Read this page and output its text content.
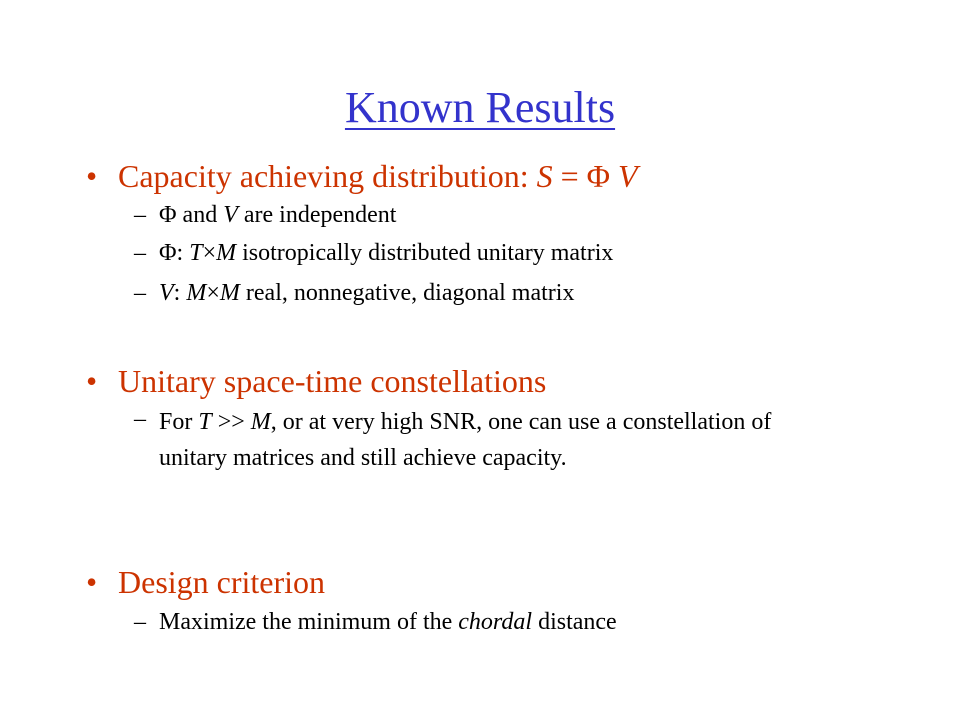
Known Results
• Capacity achieving distribution: S = Φ V
– Φ and V are independent
– Φ: T×M isotropically distributed unitary matrix
– V: M×M real, nonnegative, diagonal matrix
• Unitary space-time constellations
– For T >> M, or at very high SNR, one can use a constellation of unitary matrices and still achieve capacity.
• Design criterion
– Maximize the minimum of the chordal distance
